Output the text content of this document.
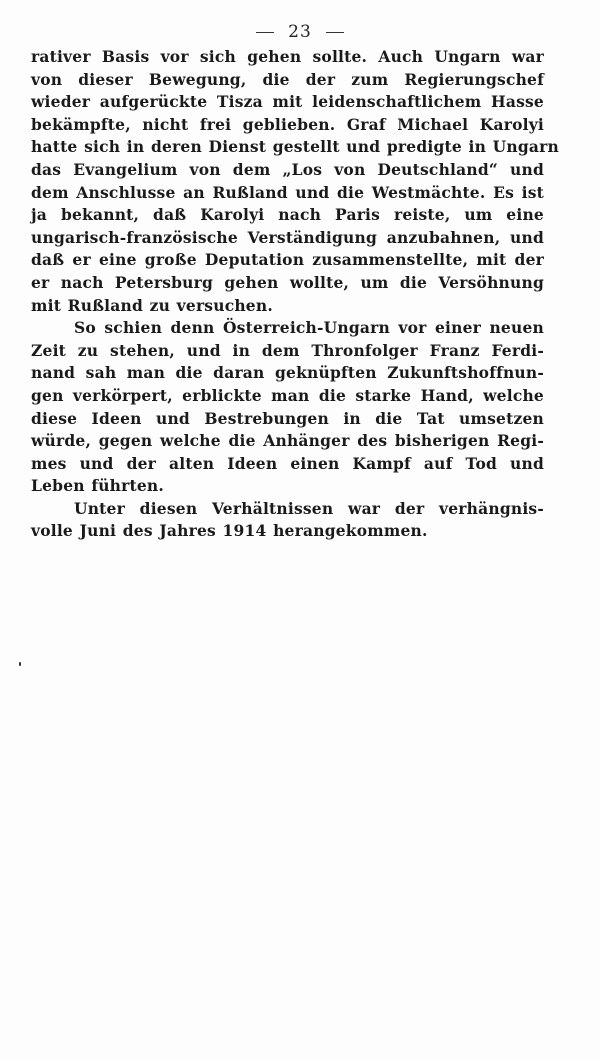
23
rativer Basis vor sich gehen sollte. Auch Ungarn war
von dieser Bewegung, die der zum Regierungschef
wieder aufgerückte Tisza mit leidenschaftlichem Hasse
bekämpfte, nicht frei geblieben. Graf Michael Karolyi
hatte sich in deren Dienst gestellt und predigte in Ungarn
das Evangelium von dem „Los von Deutschland“ und
dem Anschlusse an Rußland und die Westmächte. Es ist
ja bekannt, daß Karolyi nach Paris reiste, um eine
ungarisch-französische Verständigung anzubahnen, und
daß er eine große Deputation zusammenstellte, mit der
er nach Petersburg gehen wollte, um die Versöhnung
mit Rußland zu versuchen.
So schien denn Österreich-Ungarn vor einer neuen
Zeit zu stehen, und in dem Thronfolger Franz Ferdi-
nand sah man die daran geknüpften Zukunftshoffnun-
gen verkörpert, erblickte man die starke Hand, welche
diese Ideen und Bestrebungen in die Tat umsetzen
würde, gegen welche die Anhänger des bisherigen Regi-
mes und der alten Ideen einen Kampf auf Tod und
Leben führten.
Unter diesen Verhältnissen war der verhängnis-
volle Juni des Jahres 1914 herangekommen.
